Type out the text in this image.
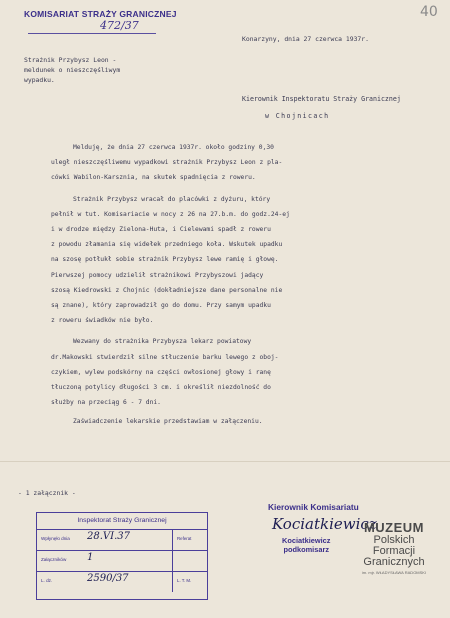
40
KOMISARIAT STRAŻY GRANICZNEJ
472/37
Strażnik Przybysz Leon -
meldunek o nieszczęśliwym
wypadku.
Konarzyny, dnia 27 czerwca 1937r.
Kierownik Inspektoratu Straży Granicznej
w Chojnicach

Melduję, że dnia 27 czerwca 1937r. około godziny 0,30

uległ nieszczęśliwemu wypadkowi strażnik Przybysz Leon z pla-

cówki Wabilon-Karsznia, na skutek spadnięcia z roweru.

Strażnik Przybysz wracał do placówki z dyżuru, który

pełnił w tut. Komisariacie w nocy z 26 na 27.b.m. do godz.24-ej

i w drodze między Zielona-Huta, i Cielewami spadł z roweru

z powodu złamania się widełek przedniego koła. Wskutek upadku

na szosę potłukł sobie strażnik Przybysz lewe ramię i głowę.

Pierwszej pomocy udzielił strażnikowi Przybyszowi jadący

szosą Kiedrowski z Chojnic (dokładniejsze dane personalne nie

są znane), który zaprowadził go do domu. Przy samym upadku

z roweru świadków nie było.

Wezwany do strażnika Przybysza lekarz powiatowy

dr.Makowski stwierdził silne stłuczenie barku lewego z oboj-

czykiem, wylew podskórny na części owłosionej głowy i ranę

tłuczoną potylicy długości 3 cm. i określił niezdolność do

służby na przeciąg 6 - 7 dni.

Zaświadczenie lekarskie przedstawiam w załączeniu.

- 1 załącznik -
Kierownik Komisariatu
Kociatkiewicz
Kociatkiewicz
podkomisarz
Inspektorat Straży Granicznej
Wpłynęło dnia 28.VI.37	Referat
Załączników 1
L. dz.	2590/37	L. T. M.
MUZEUM
Polskich
Formacji
Granicznych
im. mjr. WŁADYSŁAWA RADOMSKI
